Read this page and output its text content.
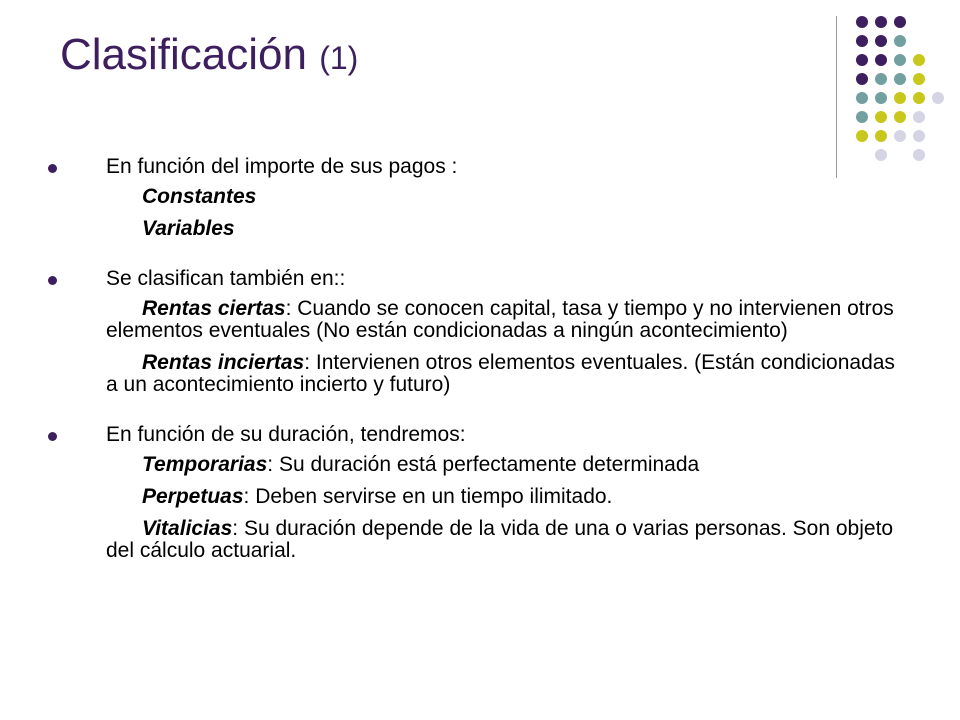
Clasificación (1)
En función del importe de sus pagos :
Constantes
Variables
Se clasifican también en::
Rentas ciertas: Cuando se conocen capital, tasa y tiempo y no intervienen otros elementos eventuales (No están condicionadas a ningún acontecimiento)
Rentas inciertas: Intervienen otros elementos eventuales. (Están condicionadas a un acontecimiento incierto y futuro)
En función de su duración, tendremos:
Temporarias: Su duración está perfectamente determinada
Perpetuas: Deben servirse en un tiempo ilimitado.
Vitalicias: Su duración depende de la vida de una o varias personas. Son objeto del cálculo actuarial.
